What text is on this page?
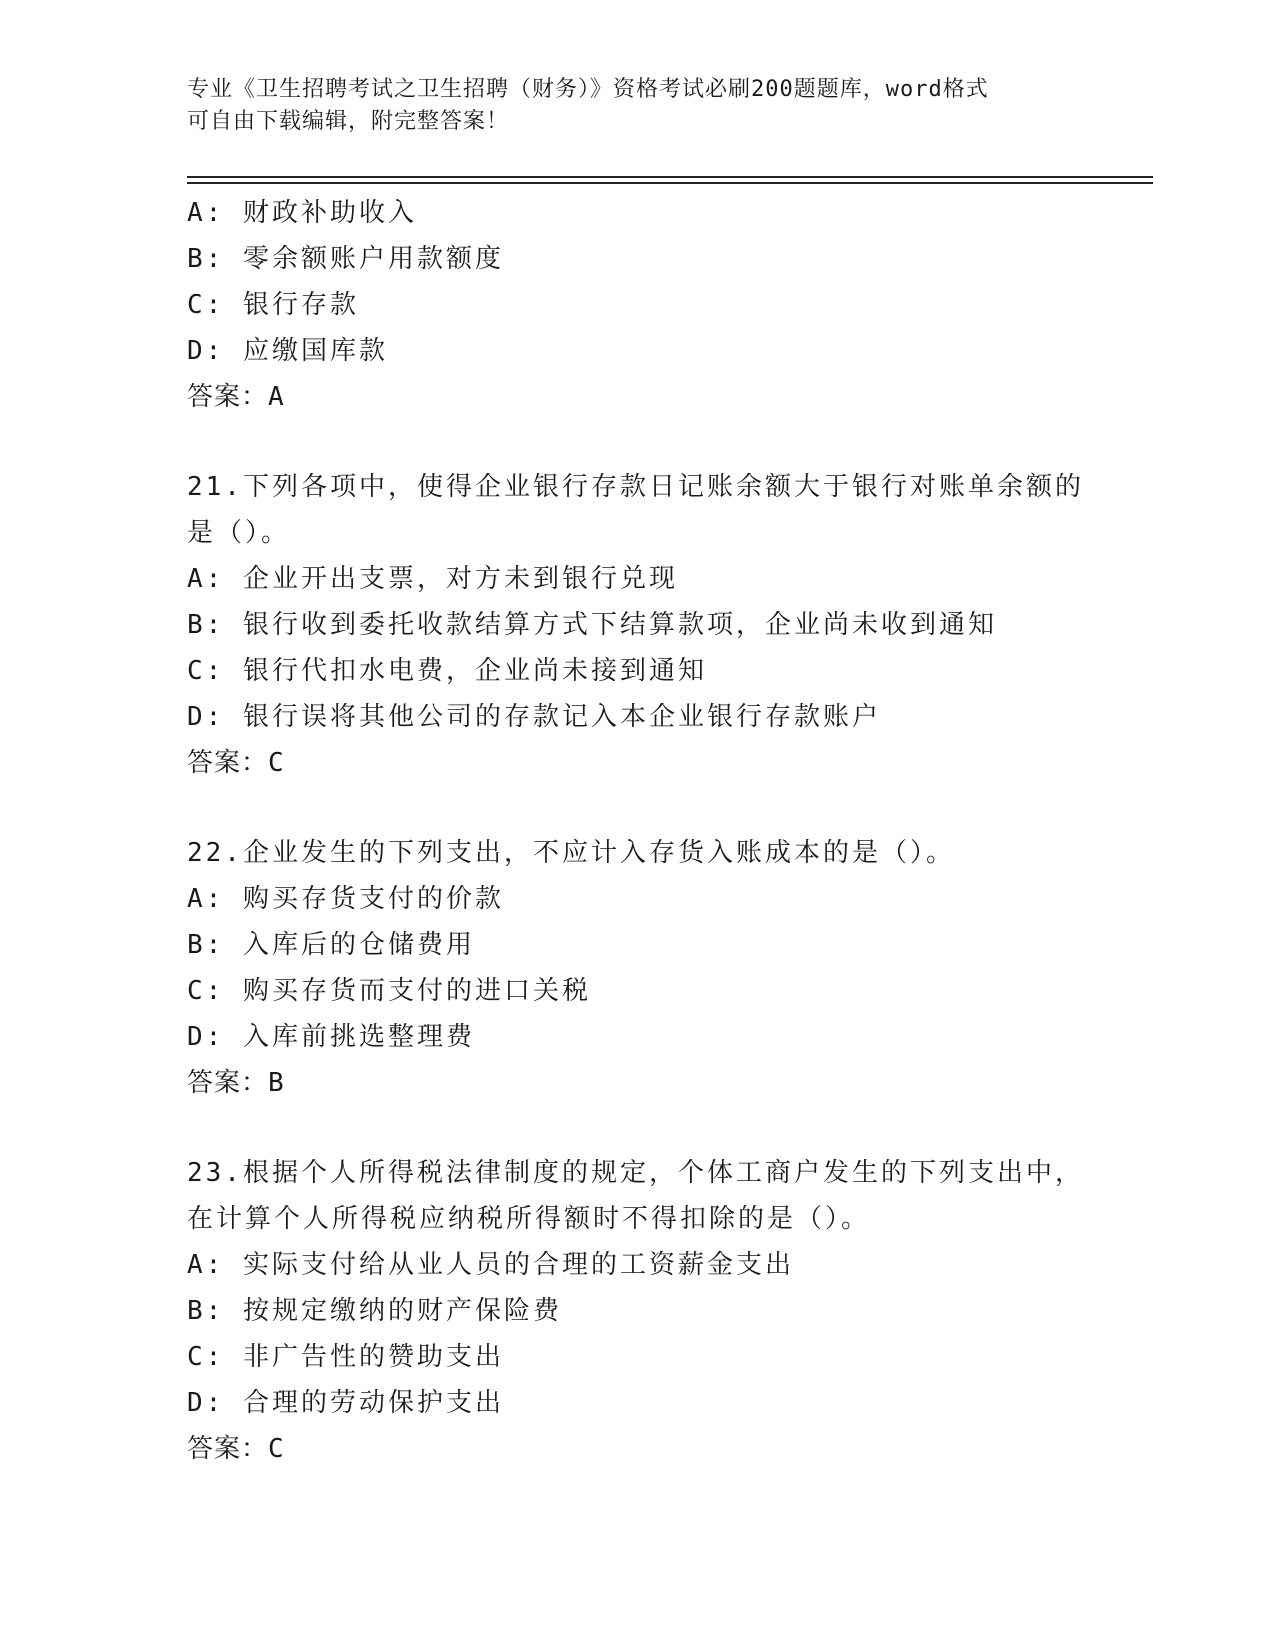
专业《卫生招聘考试之卫生招聘（财务）》资格考试必刷200题题库，word格式
可自由下载编辑，附完整答案！
A: 财政补助收入
B: 零余额账户用款额度
C: 银行存款
D: 应缴国库款
答案：A
21.下列各项中，使得企业银行存款日记账余额大于银行对账单余额的
是（）。
A: 企业开出支票，对方未到银行兑现
B: 银行收到委托收款结算方式下结算款项，企业尚未收到通知
C: 银行代扣水电费，企业尚未接到通知
D: 银行误将其他公司的存款记入本企业银行存款账户
答案：C
22.企业发生的下列支出，不应计入存货入账成本的是（）。
A: 购买存货支付的价款
B: 入库后的仓储费用
C: 购买存货而支付的进口关税
D: 入库前挑选整理费
答案：B
23.根据个人所得税法律制度的规定，个体工商户发生的下列支出中，
在计算个人所得税应纳税所得额时不得扣除的是（）。
A: 实际支付给从业人员的合理的工资薪金支出
B: 按规定缴纳的财产保险费
C: 非广告性的赞助支出
D: 合理的劳动保护支出
答案：C
